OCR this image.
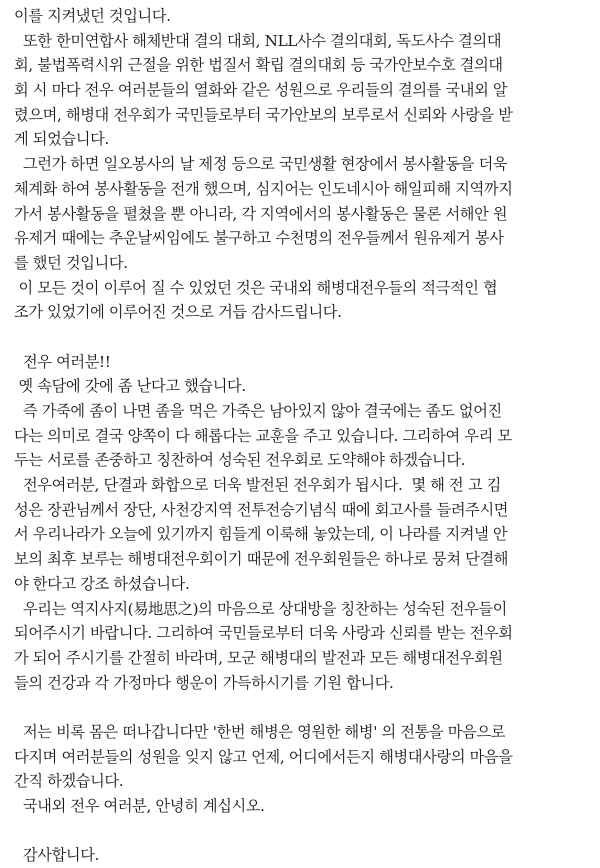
이를 지켜냈던 것입니다.
또한 한미연합사 해체반대 결의 대회, NLL사수 결의대회, 독도사수 결의대
회, 불법폭력시위 근절을 위한 법질서 확립 결의대회 등 국가안보수호 결의대
회 시 마다 전우 여러분들의 열화와 같은 성원으로 우리들의 결의를 국내외 알
렸으며, 해병대 전우회가 국민들로부터 국가안보의 보루로서 신뢰와 사랑을 받
게 되었습니다.
그런가 하면 일오봉사의 날 제정 등으로 국민생활 현장에서 봉사활동을 더욱
체계화 하여 봉사활동을 전개 했으며, 심지어는 인도네시아 해일피해 지역까지
가서 봉사활동을 펼쳤을 뿐 아니라, 각 지역에서의 봉사활동은 물론 서해안 원
유제거 때에는 추운날씨임에도 불구하고 수천명의 전우들께서 원유제거 봉사
를 했던 것입니다.
이 모든 것이 이루어 질 수 있었던 것은 국내외 해병대전우들의 적극적인 협
조가 있었기에 이루어진 것으로 거듭 감사드립니다.
전우 여러분!!
옛 속담에 갓에 좀 난다고 했습니다.
즉 가죽에 좀이 나면 좀을 먹은 가죽은 남아있지 않아 결국에는 좀도 없어진
다는 의미로 결국 양쪽이 다 해롭다는 교훈을 주고 있습니다. 그리하여 우리 모
두는 서로를 존중하고 칭찬하여 성숙된 전우회로 도약해야 하겠습니다.
전우여러분, 단결과 화합으로 더욱 발전된 전우회가 됩시다.  몇 해 전 고 김
성은 장관님께서 장단, 사천강지역 전투전승기념식 때에 회고사를 들려주시면
서 우리나라가 오늘에 있기까지 힘들게 이룩해 놓았는데, 이 나라를 지켜낼 안
보의 최후 보루는 해병대전우회이기 때문에 전우회원들은 하나로 뭉쳐 단결해
야 한다고 강조 하셨습니다.
우리는 역지사지(易地思之)의 마음으로 상대방을 칭찬하는 성숙된 전우들이
되어주시기 바랍니다. 그리하여 국민들로부터 더욱 사랑과 신뢰를 받는 전우회
가 되어 주시기를 간절히 바라며, 모군 해병대의 발전과 모든 해병대전우회원
들의 건강과 각 가정마다 행운이 가득하시기를 기원 합니다.
저는 비록 몸은 떠나갑니다만 '한번 해병은 영원한 해병' 의 전통을 마음으로
다지며 여러분들의 성원을 잊지 않고 언제, 어디에서든지 해병대사랑의 마음을
간직 하겠습니다.
국내외 전우 여러분, 안녕히 계십시오.
감사합니다.
